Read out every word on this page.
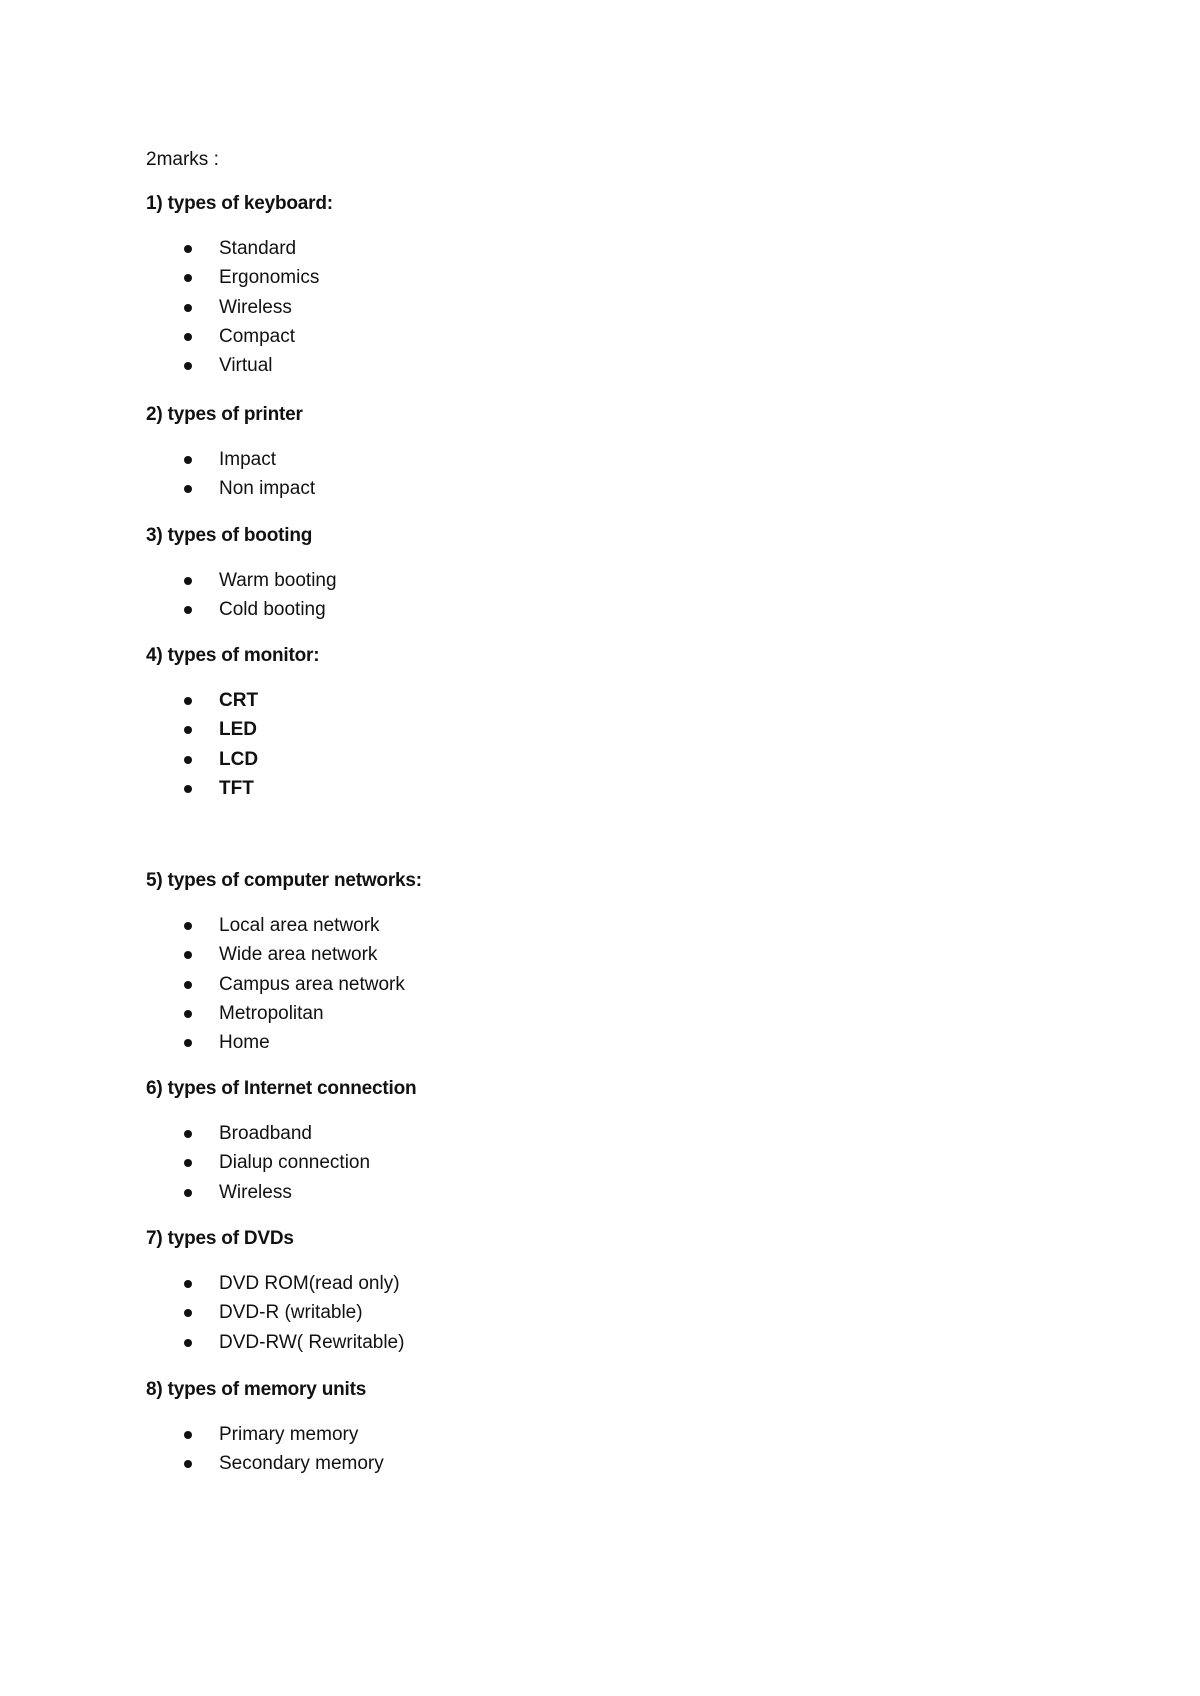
2marks :

1) types of keyboard:
Standard
Ergonomics
Wireless
Compact
Virtual
2) types of printer
Impact
Non impact
3) types of booting
Warm booting
Cold booting
4) types of monitor:
CRT
LED
LCD
TFT
5) types of computer networks:
Local area network
Wide area network
Campus area network
Metropolitan
Home
6) types of Internet connection
Broadband
Dialup connection
Wireless
7) types of DVDs
DVD ROM(read only)
DVD-R (writable)
DVD-RW( Rewritable)
8) types of memory units
Primary memory
Secondary memory
